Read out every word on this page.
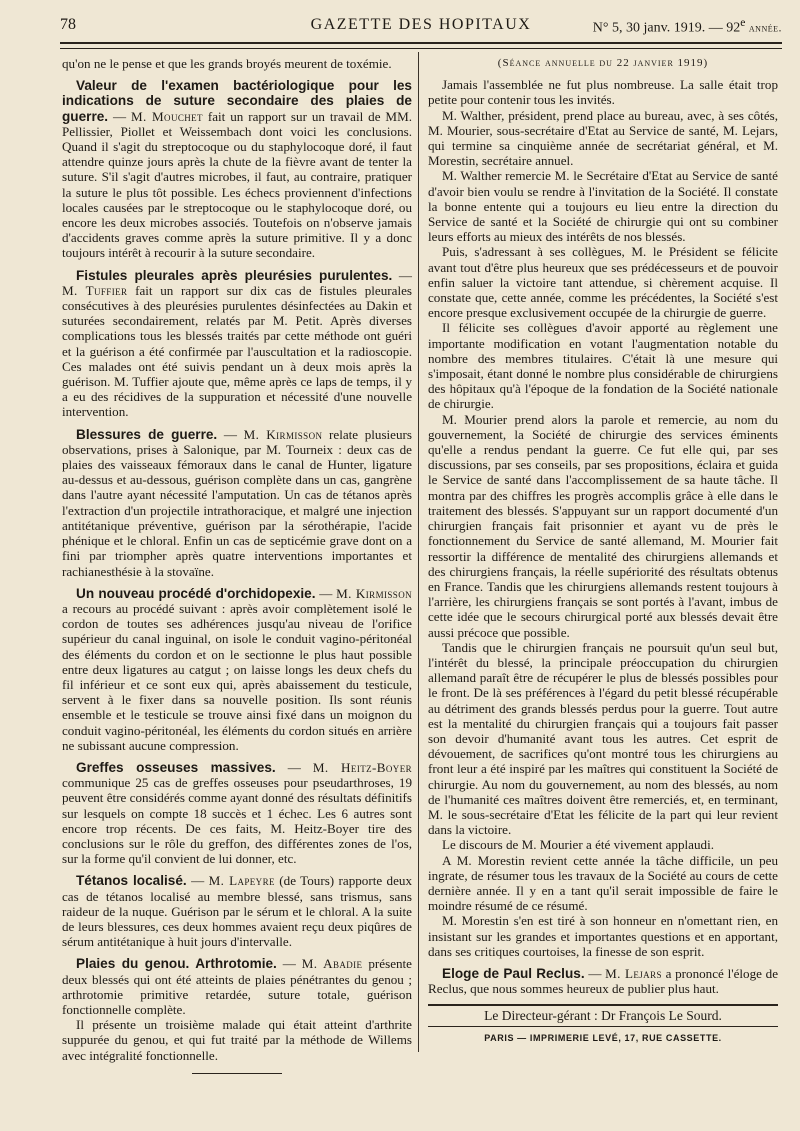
78	GAZETTE DES HOPITAUX	N° 5, 30 janv. 1919. — 92e année.

qu'on ne le pense et que les grands broyés meurent de toxémie.

Valeur de l'examen bactériologique pour les indications de suture secondaire des plaies de guerre. — M. Mouchet fait un rapport sur un travail de MM. Pellissier, Piollet et Weissembach dont voici les conclusions. Quand il s'agit du streptocoque ou du staphylocoque doré, il faut attendre quinze jours après la chute de la fièvre avant de tenter la suture. S'il s'agit d'autres microbes, il faut, au contraire, pratiquer la suture le plus tôt possible. Les échecs proviennent d'infections locales causées par le streptocoque ou le staphylocoque doré, ou encore les deux microbes associés. Toutefois on n'observe jamais d'accidents graves comme après la suture primitive. Il y a donc toujours intérêt à recourir à la suture secondaire.

Fistules pleurales après pleurésies purulentes. — M. Tuffier fait un rapport sur dix cas de fistules pleurales consécutives à des pleurésies purulentes désinfectées au Dakin et suturées secondairement, relatés par M. Petit. Après diverses complications tous les blessés traités par cette méthode ont guéri et la guérison a été confirmée par l'auscultation et la radioscopie. Ces malades ont été suivis pendant un à deux mois après la guérison. M. Tuffier ajoute que, même après ce laps de temps, il y a eu des récidives de la suppuration et nécessité d'une nouvelle intervention.

Blessures de guerre. — M. Kirmisson relate plusieurs observations, prises à Salonique, par M. Tourneix : deux cas de plaies des vaisseaux fémoraux dans le canal de Hunter, ligature au-dessus et au-dessous, guérison complète dans un cas, gangrène dans l'autre ayant nécessité l'amputation. Un cas de tétanos après l'extraction d'un projectile intrathoracique, et malgré une injection antitétanique préventive, guérison par la sérothérapie, l'acide phénique et le chloral. Enfin un cas de septicémie grave dont on a fini par triompher après quatre interventions importantes et rachianesthésie à la stovaïne.

Un nouveau procédé d'orchidopexie. — M. Kirmisson a recours au procédé suivant : après avoir complètement isolé le cordon de toutes ses adhérences jusqu'au niveau de l'orifice supérieur du canal inguinal, on isole le conduit vagino-péritonéal des éléments du cordon et on le sectionne le plus haut possible entre deux ligatures au catgut ; on laisse longs les deux chefs du fil inférieur et ce sont eux qui, après abaissement du testicule, servent à le fixer dans sa nouvelle position. Ils sont réunis ensemble et le testicule se trouve ainsi fixé dans un moignon du conduit vagino-péritonéal, les éléments du cordon situés en arrière ne subissant aucune compression.

Greffes osseuses massives. — M. Heitz-Boyer communique 25 cas de greffes osseuses pour pseudarthroses, 19 peuvent être considérés comme ayant donné des résultats définitifs sur lesquels on compte 18 succès et 1 échec. Les 6 autres sont encore trop récents. De ces faits, M. Heitz-Boyer tire des conclusions sur le rôle du greffon, des différentes zones de l'os, sur la forme qu'il convient de lui donner, etc.

Tétanos localisé. — M. Lapeyre (de Tours) rapporte deux cas de tétanos localisé au membre blessé, sans trismus, sans raideur de la nuque. Guérison par le sérum et le chloral. A la suite de leurs blessures, ces deux hommes avaient reçu deux piqûres de sérum antitétanique à huit jours d'intervalle.

Plaies du genou. Arthrotomie. — M. Abadie présente deux blessés qui ont été atteints de plaies pénétrantes du genou ; arthrotomie primitive retardée, suture totale, guérison fonctionnelle complète.

Il présente un troisième malade qui était atteint d'arthrite suppurée du genou, et qui fut traité par la méthode de Willems avec intégralité fonctionnelle.

(Séance annuelle du 22 janvier 1919)

Jamais l'assemblée ne fut plus nombreuse. La salle était trop petite pour contenir tous les invités.

M. Walther, président, prend place au bureau, avec, à ses côtés, M. Mourier, sous-secrétaire d'Etat au Service de santé, M. Lejars, qui termine sa cinquième année de secrétariat général, et M. Morestin, secrétaire annuel.

M. Walther remercie M. le Secrétaire d'Etat au Service de santé d'avoir bien voulu se rendre à l'invitation de la Société. Il constate la bonne entente qui a toujours eu lieu entre la direction du Service de santé et la Société de chirurgie qui ont su combiner leurs efforts au mieux des intérêts de nos blessés.

Puis, s'adressant à ses collègues, M. le Président se félicite avant tout d'être plus heureux que ses prédécesseurs et de pouvoir enfin saluer la victoire tant attendue, si chèrement acquise. Il constate que, cette année, comme les précédentes, la Société s'est encore presque exclusivement occupée de la chirurgie de guerre.

Il félicite ses collègues d'avoir apporté au règlement une importante modification en votant l'augmentation notable du nombre des membres titulaires. C'était là une mesure qui s'imposait, étant donné le nombre plus considérable de chirurgiens des hôpitaux qu'à l'époque de la fondation de la Société nationale de chirurgie.

M. Mourier prend alors la parole et remercie, au nom du gouvernement, la Société de chirurgie des services éminents qu'elle a rendus pendant la guerre. Ce fut elle qui, par ses discussions, par ses conseils, par ses propositions, éclaira et guida le Service de santé dans l'accomplissement de sa haute tâche. Il montra par des chiffres les progrès accomplis grâce à elle dans le traitement des blessés. S'appuyant sur un rapport documenté d'un chirurgien français fait prisonnier et ayant vu de près le fonctionnement du Service de santé allemand, M. Mourier fait ressortir la différence de mentalité des chirurgiens allemands et des chirurgiens français, la réelle supériorité des résultats obtenus en France. Tandis que les chirurgiens allemands restent toujours à l'arrière, les chirurgiens français se sont portés à l'avant, imbus de cette idée que le secours chirurgical porté aux blessés devait être aussi précoce que possible.

Tandis que le chirurgien français ne poursuit qu'un seul but, l'intérêt du blessé, la principale préoccupation du chirurgien allemand paraît être de récupérer le plus de blessés possibles pour le front. De là ses préférences à l'égard du petit blessé récupérable au détriment des grands blessés perdus pour la guerre. Tout autre est la mentalité du chirurgien français qui a toujours fait passer son devoir d'humanité avant tous les autres. Cet esprit de dévouement, de sacrifices qu'ont montré tous les chirurgiens au front leur a été inspiré par les maîtres qui constituent la Société de chirurgie. Au nom du gouvernement, au nom des blessés, au nom de l'humanité ces maîtres doivent être remerciés, et, en terminant, M. le sous-secrétaire d'Etat les félicite de la part qui leur revient dans la victoire.

Le discours de M. Mourier a été vivement applaudi.

A M. Morestin revient cette année la tâche difficile, un peu ingrate, de résumer tous les travaux de la Société au cours de cette dernière année. Il y en a tant qu'il serait impossible de faire le moindre résumé de ce résumé.

M. Morestin s'en est tiré à son honneur en n'omettant rien, en insistant sur les grandes et importantes questions et en apportant, dans ses critiques courtoises, la finesse de son esprit.

Eloge de Paul Reclus. — M. Lejars a prononcé l'éloge de Reclus, que nous sommes heureux de publier plus haut.

Le Directeur-gérant : Dr François Le Sourd.
PARIS — IMPRIMERIE LEVÉ, 17, RUE CASSETTE.
